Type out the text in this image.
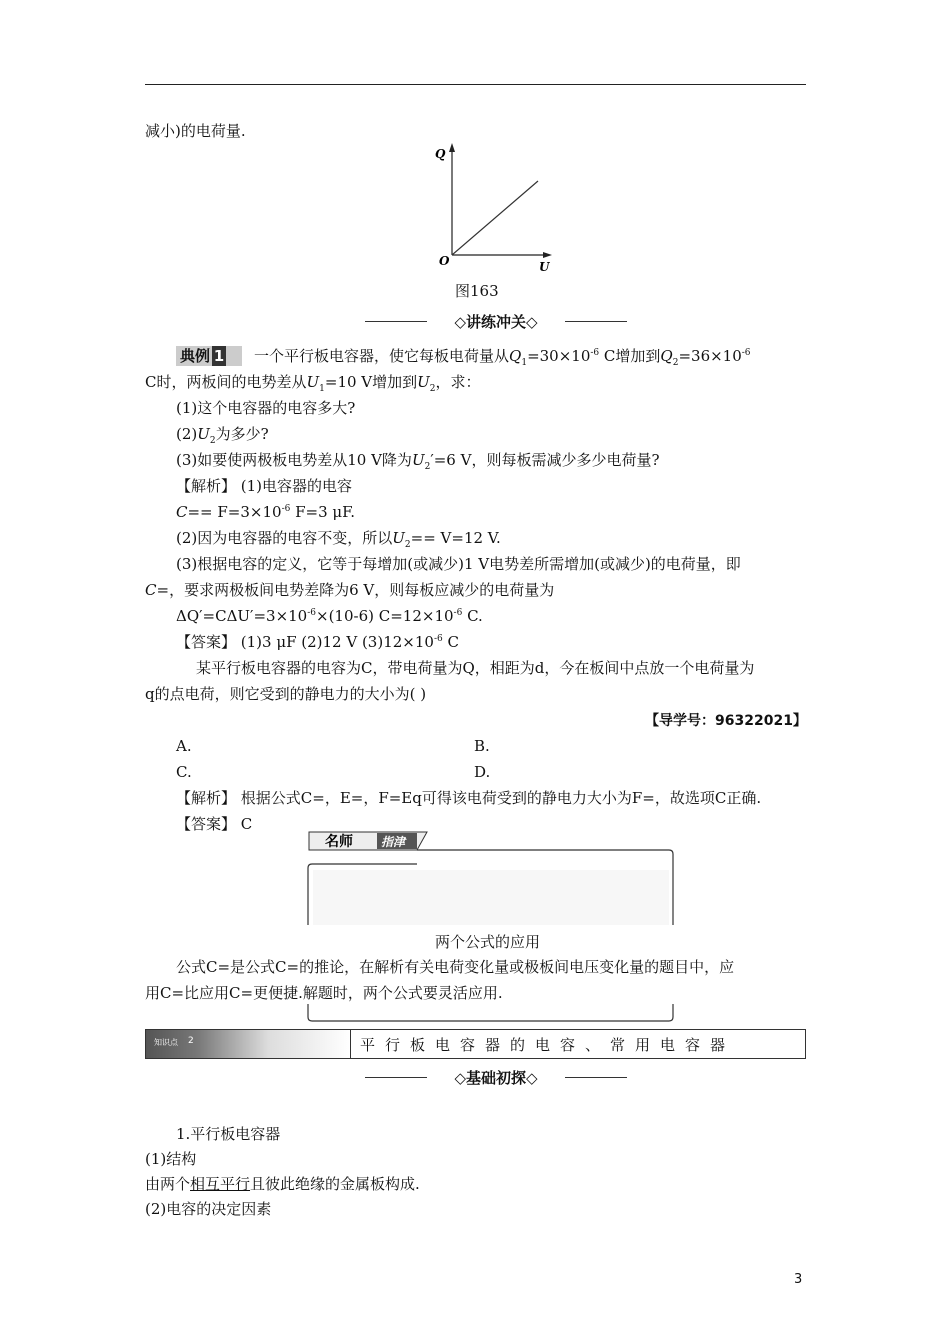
减小)的电荷量.
Q
O	U
图163
◇讲练冲关◇
典例 1	一个平行板电容器，使它每板电荷量从$Q_1=30\times 10^{-6}$ C增加到$Q_2=36\times 10^{-6}$
C时，两板间的电势差从$U_1=10$ V增加到$U_2$，求：
(1)这个电容器的电容多大?
$(2)U_2$为多少?
(3)如要使两极板电势差从10 V降为$U_2'=6$ V，则每板需减少多少电荷量?
【解析】 (1)电容器的电容
$C== F=3\times 10^{-6}$ F=3 μF.
(2)因为电容器的电容不变，所以$U_2== V=12$ V.
(3)根据电容的定义，它等于每增加(或减少)1 V电势差所需增加(或减少)的电荷量，即
C=，要求两极板间电势差降为6 V，则每板应减少的电荷量为
$\Delta Q'=C\Delta U'=3\times 10^{-6}\times(10-6)$ $C=12\times 10^{-6}$ C.
【答案】 (1)3 μF (2)12 V $(3)12\times 10^{-6}$ C
某平行板电容器的电容为C，带电荷量为Q，相距为d，今在板间中点放一个电荷量为
q的点电荷，则它受到的静电力的大小为( )
【导学号：96322021】
A.	B.
C.	D.
【解析】 根据公式C=，E=，F=Eq可得该电荷受到的静电力大小为F=，故选项C正确.
【答案】 C
名师 指津
两个公式的应用
公式C=是公式C=的推论，在解析有关电荷变化量或极板间电压变化量的题目中，应
用C=比应用C=更便捷.解题时，两个公式要灵活应用.
知识点 2	平行板电容器的电容、常用电容器
◇基础初探◇
1.平行板电容器
(1)结构
由两个相互平行且彼此绝缘的金属板构成.
(2)电容的决定因素
3
